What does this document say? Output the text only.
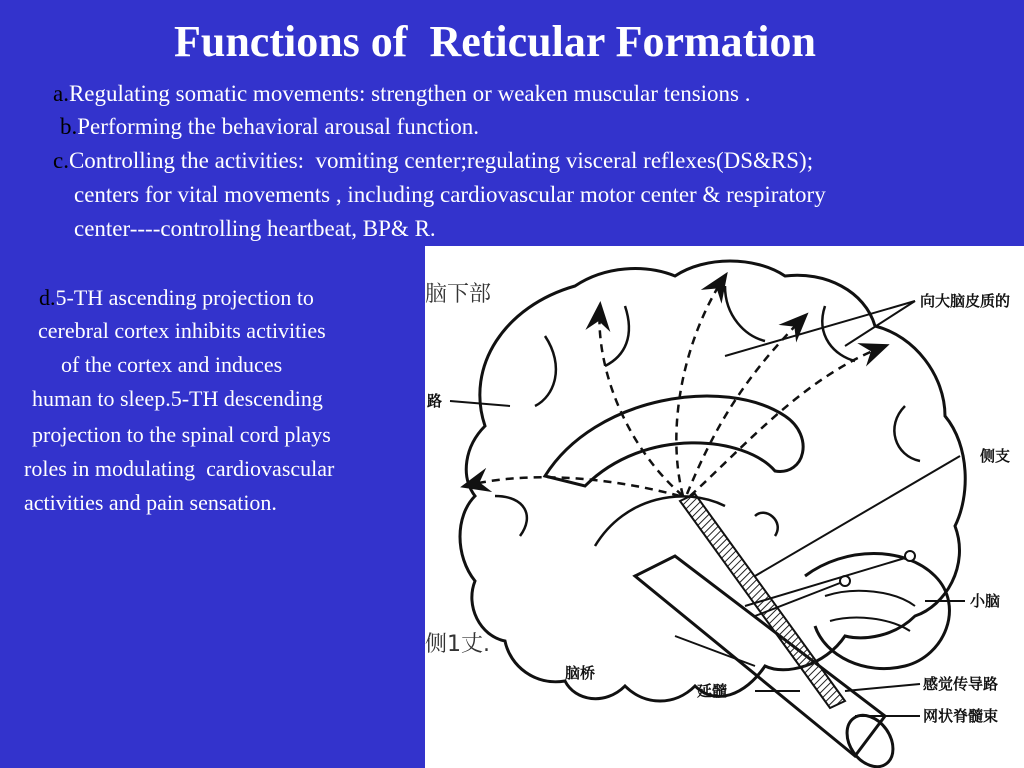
Functions of  Reticular Formation
a.Regulating somatic movements: strengthen or weaken muscular tensions .
b.Performing the behavioral arousal function.
c.Controlling the activities:  vomiting center;regulating visceral reflexes(DS&RS);
centers for vital movements , including cardiovascular motor center & respiratory
center----controlling heartbeat, BP& R.
d.5-TH ascending projection to
cerebral cortex inhibits activities
of the cortex and induces
human to sleep.5-TH descending
projection to the spinal cord plays
roles in modulating  cardiovascular
activities and pain sensation.
向大脑皮质的
侧支
小脑
脑桥
延髓	感觉传导路
网状脊髓束
路
脑下部
侧1丈.
